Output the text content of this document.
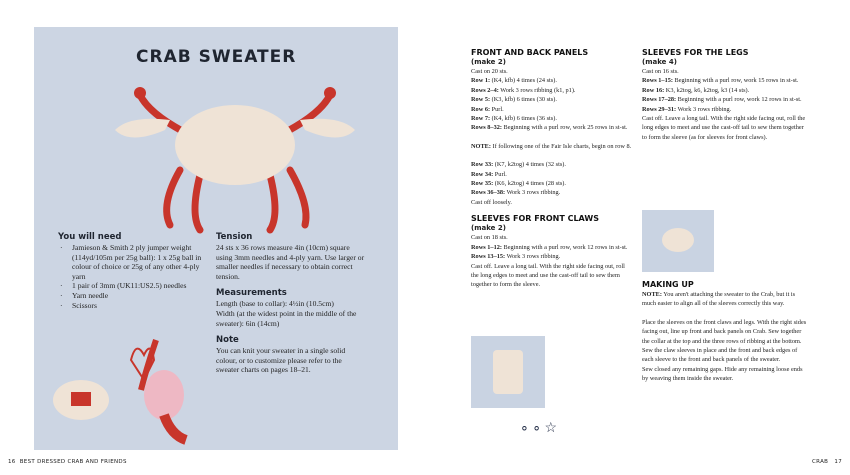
CRAB SWEATER
You will need
· Jamieson & Smith 2 ply jumper weight (114yd/105m per 25g ball): 1 x 25g ball in colour of choice or 25g of any other 4-ply yarn
· 1 pair of 3mm (UK11:US2.5) needles
· Yarn needle
· Scissors
Tension
24 sts x 36 rows measure 4in (10cm) square using 3mm needles and 4-ply yarn. Use larger or smaller needles if necessary to obtain correct tension.
Measurements
Length (base to collar): 4½in (10.5cm)
Width (at the widest point in the middle of the sweater): 6in (14cm)
Note
You can knit your sweater in a single solid colour, or to customize please refer to the sweater charts on pages 18–21.
16 BEST DRESSED CRAB AND FRIENDS
FRONT AND BACK PANELS
(make 2)
Cast on 20 sts.
Row 1: (K4, kfb) 4 times (24 sts).
Rows 2–4: Work 3 rows ribbing (k1, p1).
Row 5: (K3, kfb) 6 times (30 sts).
Row 6: Purl.
Row 7: (K4, kfb) 6 times (36 sts).
Rows 8–32: Beginning with a purl row, work 25 rows in st-st.
NOTE: If following one of the Fair Isle charts, begin on row 8.
Row 33: (K7, k2tog) 4 times (32 sts).
Row 34: Purl.
Row 35: (K6, k2tog) 4 times (28 sts).
Rows 36–38: Work 3 rows ribbing.
Cast off loosely.
SLEEVES FOR FRONT CLAWS
(make 2)
Cast on 18 sts.
Rows 1–12: Beginning with a purl row, work 12 rows in st-st.
Rows 13–15: Work 3 rows ribbing.
Cast off. Leave a long tail. With the right side facing out, roll the long edges to meet and use the cast-off tail to sew them together to form the sleeve.
∘ ∘ ☆
SLEEVES FOR THE LEGS
(make 4)
Cast on 16 sts.
Rows 1–15: Beginning with a purl row, work 15 rows in st-st.
Row 16: K3, k2tog, k6, k2tog, k3 (14 sts).
Rows 17–28: Beginning with a purl row, work 12 rows in st-st.
Rows 29–31: Work 3 rows ribbing.
Cast off. Leave a long tail. With the right side facing out, roll the long edges to meet and use the cast-off tail to sew them together to form the sleeve (as for sleeves for front claws).
MAKING UP
NOTE: You aren't attaching the sweater to the Crab, but it is much easier to align all of the sleeves correctly this way.
Place the sleeves on the front claws and legs. With the right sides facing out, line up front and back panels on Crab. Sew together the collar at the top and the three rows of ribbing at the bottom.
Sew the claw sleeves in place and the front and back edges of each sleeve to the front and back panels of the sweater.
Sew closed any remaining gaps. Hide any remaining loose ends by weaving them inside the sweater.
CRAB 17
